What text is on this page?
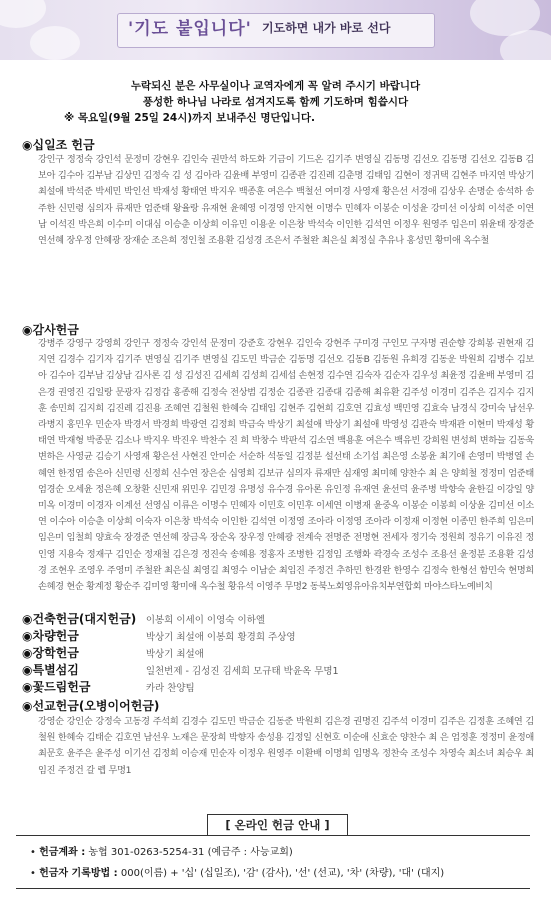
'기도 붙입니다' 기도하면 내가 바로 선다
누락되신 분은 사무실이나 교역자에게 꼭 알려 주시기 바랍니다
풍성한 하나님 나라로 섬겨지도록 함께 기도하며 힘씁시다
※ 목요일(9월 25일 24시)까지 보내주신 명단입니다.
◉십일조 헌금
강인구 정정숙 강인석 문정미 강현우 김인숙 권만석 하도화 기금이 기드온 김기주 변영실 김동명 김선오 김동명 김선오 김동B 김보아 김수아 김부남 김상민 김정숙 김 성 김아라 김윤배 부영미 김종관 김진례 김춘명 김태임 김현이 정귀택 김현주 마지연 박상기 최설애 박석준 박세민 박인선 박재성 황태연 박지우 백종훈 여은수 백철선 여미경 사영재 황은선 서경애 김상우 손명순 송석하 송주한 신민령 심의자 류재만 엄준태 왕율랑 유재현 윤혜영 이경영 안지현 이명수 민혜자 이봉순 이성윤 강미선 이상희 이석준 이연남 이석진 박은희 이수미 이대심 이승춘 이상희 이유민 이용운 이은창 박석숙 이인한 김석연 이정우 원영주 임은미 위윤태 장경준 연선혜 장우정 안혜광 장재순 조은희 정인철 조용환 김성경 조은서 주철완 최은실 최정실 추유나 홍성민 황미애 옥수철
◉감사헌금
강병주 강영구 강영희 강인구 정정숙 강인석 문정미 강준호 강현우 김인숙 강현주 구미경 구인모 구자명 권순향 강희봉 권현재 김지연 김경수 김기자 김기주 변영실 김기주 변영실 김도민 박금순 김동명 김선오 김동B 김동원 유희경 김동운 박원희 김병수 김보아 김수아 김부남 김상남 김사론 김 성 김성진 김세희 김성희 김세섭 손현정 김수연 김숙자 김순자 김우성 최윤정 김윤배 부영미 김은경 권영진 김일랑 문광자 김정갑 홍종해 김정숙 전상범 김정순 김종관 김종대 김종해 최유환 김주성 이경미 김주은 김지수 김지훈 송민희 김지희 김진례 김진용 조혜연 김철원 한혜숙 김태임 김현주 김현희 김호연 김효성 백민영 김효숙 남경식 강미숙 남선우 라병지 홍민우 민순자 박경서 박경희 박광연 김정희 박금숙 박상기 최설애 박상기 최설애 박영성 김관숙 박재관 이현미 박재성 황태연 박재형 박종문 김소나 박지우 박진우 박찬수 진 희 박창수 박판석 김소연 백용훈 여은수 백유빈 강희원 변성희 변하늘 김동욱 변하은 사영균 김승기 사영재 황은선 사현진 안미순 서순하 석동일 김정분 설선태 소기섭 최은영 소봉윤 최기애 손영미 박병열 손혜연 한정엽 송은아 신민령 신정희 신수연 장은순 심영희 김보규 심의자 류재만 심재영 최미혜 양찬수 최 은 양희철 정정미 엄준태 엄경순 오세윤 정은혜 오창환 신민재 위민우 김민경 유명성 유수경 유아론 유인정 유재연 윤선덕 윤주병 박향숙 윤한길 이강일 양미옥 이경미 이경자 이계선 선영심 이류은 이명수 민혜자 이민호 이민후 이세연 이병재 윤중옥 이봉순 이봉희 이상윤 김미선 이소연 이수아 이승춘 이상희 이숙자 이은창 박석숙 이인한 김석연 이정영 조아라 이정영 조아라 이정재 이정현 이종민 한주희 임은미 임은미 임철희 양효숙 장경준 연선혜 장금옥 장순옥 장우정 안혜광 전계숙 전명준 전명현 전세자 정기숙 정원희 정유기 이유진 정인영 지용숙 정재구 김인순 정재철 김은경 정진숙 송혜용 정홍자 조병한 김정임 조행화 곽경숙 조성수 조용선 윤정분 조용환 김성경 조현우 조영우 주영미 주철완 최은실 최영길 최영수 이남순 최임진 주정건 추하민 한경완 한영수 김정숙 한형선 함민숙 현명희 손혜경 현순 황계정 황순주 김미영 황미애 옥수철 황유석 이영주 무명2 동북노회영유아유치부연합회 마야스타노예비치
◉건축헌금(대지헌금) 이봉희 이세이 이영숙 이하엘
◉차량헌금	박상기 최설애 이봉희 황경희 주상영
◉장학헌금	박상기 최설애
◉특별섬김	일천번제 - 김성진 김세희 모규태 박윤옥 무명1
◉꽃드림헌금	카라 찬양팀
◉선교헌금(오병이어헌금)
강영순 강인순 강정숙 고동경 주석희 김경수 김도민 박금순 김동준 박원희 김은경 권명진 김주석 이경미 김주은 김정훈 조혜연 김철원 한혜숙 김태순 김호연 남선우 노재은 문장희 박향자 송성용 김정일 신현호 이순애 신효순 양찬수 최 은 엄정훈 정정미 윤정애 최문호 윤주은 윤주성 이기선 김정희 이승재 민순자 이정우 원영주 이환배 이명희 임명옥 정찬숙 조성수 차영숙 최소녀 최승우 최임진 주정건 갈 렙 무명1
[ 온라인 헌금 안내 ]
• 헌금계좌 : 농협 301-0263-5254-31 (예금주 : 사능교회)
• 헌금자 기록방법 : 000(이름) + '십' (십일조), '감' (감사), '선' (선교), '차' (차량), '대' (대지)
